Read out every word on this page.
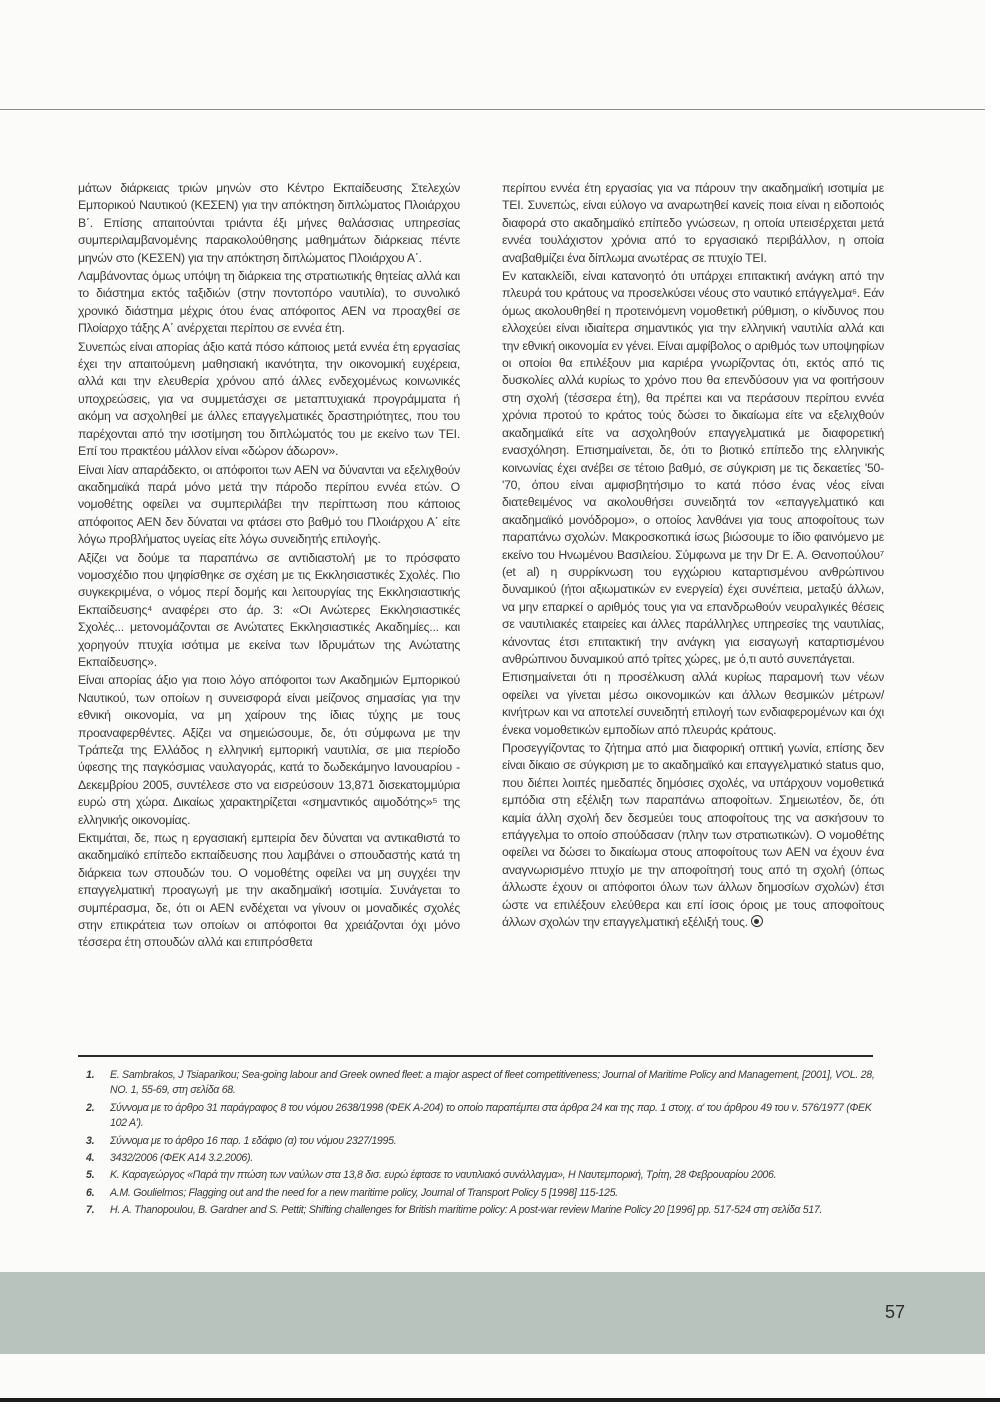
μάτων διάρκειας τριών μηνών στο Κέντρο Εκπαίδευσης Στελεχών Εμπορικού Ναυτικού (ΚΕΣΕΝ) για την απόκτηση διπλώματος Πλοιάρχου Β΄. Επίσης απαιτούνται τριάντα έξι μήνες θαλάσσιας υπηρεσίας συμπεριλαμβανομένης παρακολούθησης μαθημάτων διάρκειας πέντε μηνών στο (ΚΕΣΕΝ) για την απόκτηση διπλώματος Πλοιάρχου Α΄.

Λαμβάνοντας όμως υπόψη τη διάρκεια της στρατιωτικής θητείας αλλά και το διάστημα εκτός ταξιδιών (στην ποντοπόρο ναυτιλία), το συνολικό χρονικό διάστημα μέχρις ότου ένας απόφοιτος ΑΕΝ να προαχθεί σε Πλοίαρχο τάξης Α΄ ανέρχεται περίπου σε εννέα έτη.

Συνεπώς είναι απορίας άξιο κατά πόσο κάποιος μετά εννέα έτη εργασίας έχει την απαιτούμενη μαθησιακή ικανότητα, την οικονομική ευχέρεια, αλλά και την ελευθερία χρόνου από άλλες ενδεχομένως κοινωνικές υποχρεώσεις, για να συμμετάσχει σε μεταπτυχιακά προγράμματα ή ακόμη να ασχοληθεί με άλλες επαγγελματικές δραστηριότητες, που του παρέχονται από την ισοτίμηση του διπλώματός του με εκείνο των ΤΕΙ. Επί του πρακτέου μάλλον είναι «δώρον άδωρον».

Είναι λίαν απαράδεκτο, οι απόφοιτοι των ΑΕΝ να δύνανται να εξελιχθούν ακαδημαϊκά παρά μόνο μετά την πάροδο περίπου εννέα ετών. Ο νομοθέτης οφείλει να συμπεριλάβει την περίπτωση που κάποιος απόφοιτος ΑΕΝ δεν δύναται να φτάσει στο βαθμό του Πλοιάρχου Α΄ είτε λόγω προβλήματος υγείας είτε λόγω συνειδητής επιλογής.

Αξίζει να δούμε τα παραπάνω σε αντιδιαστολή με το πρόσφατο νομοσχέδιο που ψηφίσθηκε σε σχέση με τις Εκκλησιαστικές Σχολές. Πιο συγκεκριμένα, ο νόμος περί δομής και λειτουργίας της Εκκλησιαστικής Εκπαίδευσης⁴ αναφέρει στο άρ. 3: «Οι Ανώτερες Εκκλησιαστικές Σχολές... μετονομάζονται σε Ανώτατες Εκκλησιαστικές Ακαδημίες... και χορηγούν πτυχία ισότιμα με εκείνα των Ιδρυμάτων της Ανώτατης Εκπαίδευσης».

Είναι απορίας άξιο για ποιο λόγο απόφοιτοι των Ακαδημιών Εμπορικού Ναυτικού, των οποίων η συνεισφορά είναι μείζονος σημασίας για την εθνική οικονομία, να μη χαίρουν της ίδιας τύχης με τους προαναφερθέντες. Αξίζει να σημειώσουμε, δε, ότι σύμφωνα με την Τράπεζα της Ελλάδος η ελληνική εμπορική ναυτιλία, σε μια περίοδο ύφεσης της παγκόσμιας ναυλαγοράς, κατά το δωδεκάμηνο Ιανουαρίου - Δεκεμβρίου 2005, συντέλεσε στο να εισρεύσουν 13,871 δισεκατομμύρια ευρώ στη χώρα. Δικαίως χαρακτηρίζεται «σημαντικός αιμοδότης»⁵ της ελληνικής οικονομίας.

Εκτιμάται, δε, πως η εργασιακή εμπειρία δεν δύναται να αντικαθιστά το ακαδημαϊκό επίπεδο εκπαίδευσης που λαμβάνει ο σπουδαστής κατά τη διάρκεια των σπουδών του. Ο νομοθέτης οφείλει να μη συγχέει την επαγγελματική προαγωγή με την ακαδημαϊκή ισοτιμία. Συνάγεται το συμπέρασμα, δε, ότι οι ΑΕΝ ενδέχεται να γίνουν οι μοναδικές σχολές στην επικράτεια των οποίων οι απόφοιτοι θα χρειάζονται όχι μόνο τέσσερα έτη σπουδών αλλά και επιπρόσθετα

περίπου εννέα έτη εργασίας για να πάρουν την ακαδημαϊκή ισοτιμία με ΤΕΙ. Συνεπώς, είναι εύλογο να αναρωτηθεί κανείς ποια είναι η ειδοποιός διαφορά στο ακαδημαϊκό επίπεδο γνώσεων, η οποία υπεισέρχεται μετά εννέα τουλάχιστον χρόνια από το εργασιακό περιβάλλον, η οποία αναβαθμίζει ένα δίπλωμα ανωτέρας σε πτυχίο ΤΕΙ.

Εν κατακλείδι, είναι κατανοητό ότι υπάρχει επιτακτική ανάγκη από την πλευρά του κράτους να προσελκύσει νέους στο ναυτικό επάγγελμα⁶. Εάν όμως ακολουθηθεί η προτεινόμενη νομοθετική ρύθμιση, ο κίνδυνος που ελλοχεύει είναι ιδιαίτερα σημαντικός για την ελληνική ναυτιλία αλλά και την εθνική οικονομία εν γένει. Είναι αμφίβολος ο αριθμός των υποψηφίων οι οποίοι θα επιλέξουν μια καριέρα γνωρίζοντας ότι, εκτός από τις δυσκολίες αλλά κυρίως το χρόνο που θα επενδύσουν για να φοιτήσουν στη σχολή (τέσσερα έτη), θα πρέπει και να περάσουν περίπου εννέα χρόνια προτού το κράτος τούς δώσει το δικαίωμα είτε να εξελιχθούν ακαδημαϊκά είτε να ασχοληθούν επαγγελματικά με διαφορετική ενασχόληση. Επισημαίνεται, δε, ότι το βιοτικό επίπεδο της ελληνικής κοινωνίας έχει ανέβει σε τέτοιο βαθμό, σε σύγκριση με τις δεκαετίες '50-'70, όπου είναι αμφισβητήσιμο το κατά πόσο ένας νέος είναι διατεθειμένος να ακολουθήσει συνειδητά τον «επαγγελματικό και ακαδημαϊκό μονόδρομο», ο οποίος λανθάνει για τους αποφοίτους των παραπάνω σχολών. Μακροσκοπικά ίσως βιώσουμε το ίδιο φαινόμενο με εκείνο του Ηνωμένου Βασιλείου. Σύμφωνα με την Dr Ε. Α. Θανοπούλου⁷ (et al) η συρρίκνωση του εγχώριου καταρτισμένου ανθρώπινου δυναμικού (ήτοι αξιωματικών εν ενεργεία) έχει συνέπεια, μεταξύ άλλων, να μην επαρκεί ο αριθμός τους για να επανδρωθούν νευραλγικές θέσεις σε ναυτιλιακές εταιρείες και άλλες παράλληλες υπηρεσίες της ναυτιλίας, κάνοντας έτσι επιτακτική την ανάγκη για εισαγωγή καταρτισμένου ανθρώπινου δυναμικού από τρίτες χώρες, με ό,τι αυτό συνεπάγεται.

Επισημαίνεται ότι η προσέλκυση αλλά κυρίως παραμονή των νέων οφείλει να γίνεται μέσω οικονομικών και άλλων θεσμικών μέτρων/κινήτρων και να αποτελεί συνειδητή επιλογή των ενδιαφερομένων και όχι ένεκα νομοθετικών εμποδίων από πλευράς κράτους.

Προσεγγίζοντας το ζήτημα από μια διαφορική οπτική γωνία, επίσης δεν είναι δίκαιο σε σύγκριση με το ακαδημαϊκό και επαγγελματικό status quo, που διέπει λοιπές ημεδαπές δημόσιες σχολές, να υπάρχουν νομοθετικά εμπόδια στη εξέλιξη των παραπάνω αποφοίτων. Σημειωτέον, δε, ότι καμία άλλη σχολή δεν δεσμεύει τους αποφοίτους της να ασκήσουν το επάγγελμα το οποίο σπούδασαν (πλην των στρατιωτικών). Ο νομοθέτης οφείλει να δώσει το δικαίωμα στους αποφοίτους των ΑΕΝ να έχουν ένα αναγνωρισμένο πτυχίο με την αποφοίτησή τους από τη σχολή (όπως άλλωστε έχουν οι απόφοιτοι όλων των άλλων δημοσίων σχολών) έτσι ώστε να επιλέξουν ελεύθερα και επί ίσοις όροις με τους αποφοίτους άλλων σχολών την επαγγελματική εξέλιξή τους.

1.	E. Sambrakos, J Tsiaparikou; Sea-going labour and Greek owned fleet: a major aspect of fleet competitiveness; Journal of Maritime Policy and Management, [2001], VOL. 28, NO. 1, 55-69, στη σελίδα 68.
2.	Σύννομα με το άρθρο 31 παράγραφος 8 του νόμου 2638/1998 (ΦΕΚ Α-204) το οποίο παραπέμπει στα άρθρα 24 και της παρ. 1 στοιχ. α' του άρθρου 49 του ν. 576/1977 (ΦΕΚ 102 Α').
3.	Σύννομα με το άρθρο 16 παρ. 1 εδάφιο (α) του νόμου 2327/1995.
4.	3432/2006 (ΦΕΚ Α14 3.2.2006).
5.	Κ. Καραγεώργος «Παρά την πτώση των ναύλων στα 13,8 δισ. ευρώ έφτασε το ναυτιλιακό συνάλλαγμα», Η Ναυτεμπορική, Τρίτη, 28 Φεβρουαρίου 2006.
6.	A.M. Goulielmos; Flagging out and the need for a new maritime policy, Journal of Transport Policy 5 [1998] 115-125.
7.	H. A. Thanopoulou, B. Gardner and S. Pettit; Shifting challenges for British maritime policy: A post-war review Marine Policy 20 [1996] pp. 517-524 στη σελίδα 517.
57
